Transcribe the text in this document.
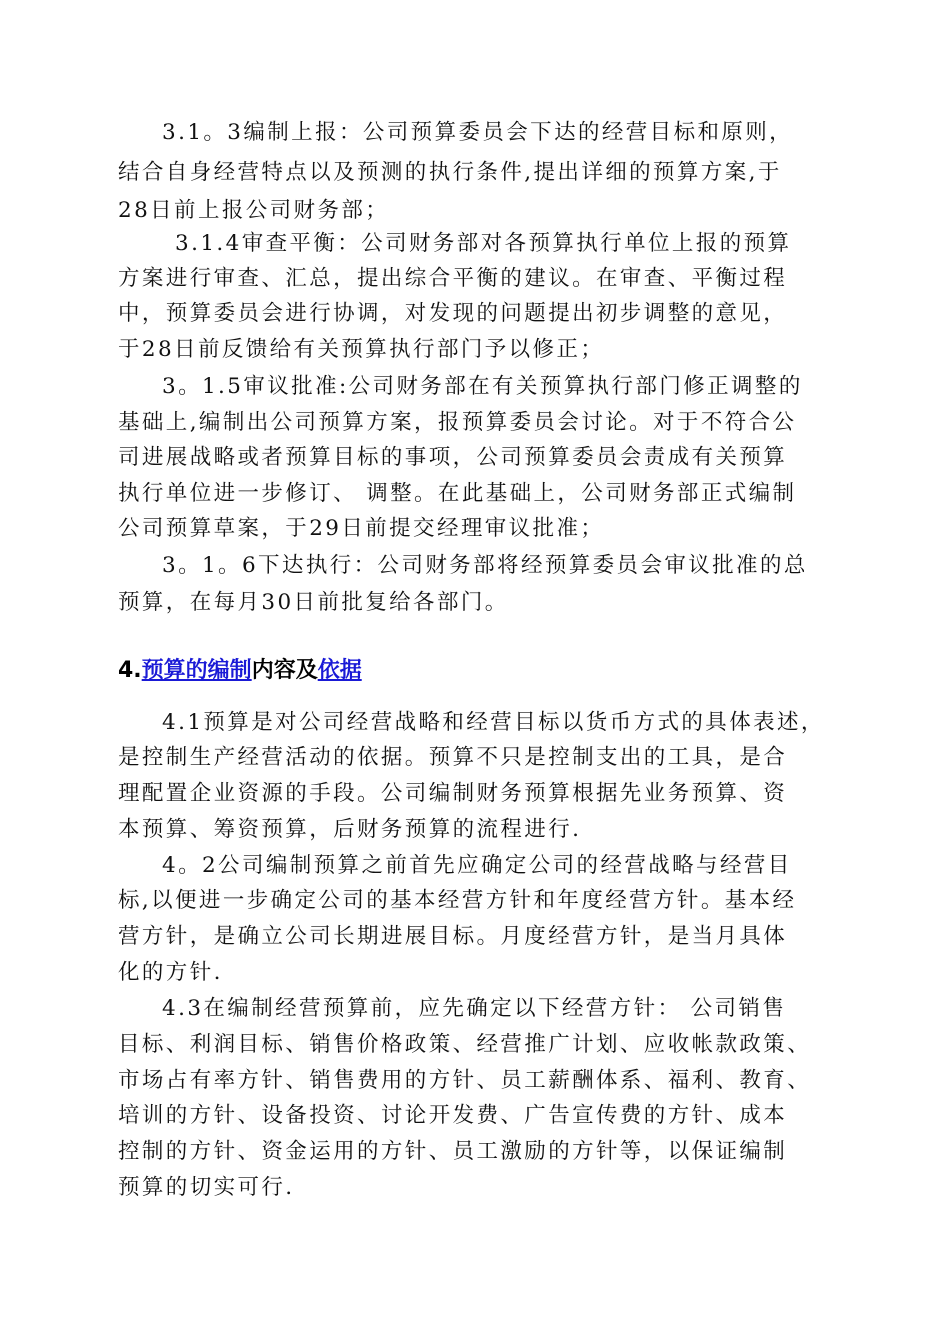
3.1。3编制上报：公司预算委员会下达的经营目标和原则，
结合自身经营特点以及预测的执行条件,提出详细的预算方案,于
28日前上报公司财务部；
3.1.4审查平衡：公司财务部对各预算执行单位上报的预算
方案进行审查、汇总，提出综合平衡的建议。在审查、平衡过程
中，预算委员会进行协调，对发现的问题提出初步调整的意见，
于28日前反馈给有关预算执行部门予以修正；
3。1.5审议批准:公司财务部在有关预算执行部门修正调整的
基础上,编制出公司预算方案，报预算委员会讨论。对于不符合公
司进展战略或者预算目标的事项，公司预算委员会责成有关预算
执行单位进一步修订、 调整。在此基础上，公司财务部正式编制
公司预算草案，于29日前提交经理审议批准；
3。1。6下达执行：公司财务部将经预算委员会审议批准的总
预算，在每月30日前批复给各部门。
4.预算的编制内容及依据
4.1预算是对公司经营战略和经营目标以货币方式的具体表述，
是控制生产经营活动的依据。预算不只是控制支出的工具，是合
理配置企业资源的手段。公司编制财务预算根据先业务预算、资
本预算、筹资预算，后财务预算的流程进行.
4。2公司编制预算之前首先应确定公司的经营战略与经营目
标,以便进一步确定公司的基本经营方针和年度经营方针。基本经
营方针，是确立公司长期进展目标。月度经营方针，是当月具体
化的方针.
4.3在编制经营预算前，应先确定以下经营方针： 公司销售
目标、利润目标、销售价格政策、经营推广计划、应收帐款政策、
市场占有率方针、销售费用的方针、员工薪酬体系、福利、教育、
培训的方针、设备投资、讨论开发费、广告宣传费的方针、成本
控制的方针、资金运用的方针、员工激励的方针等，以保证编制
预算的切实可行.
